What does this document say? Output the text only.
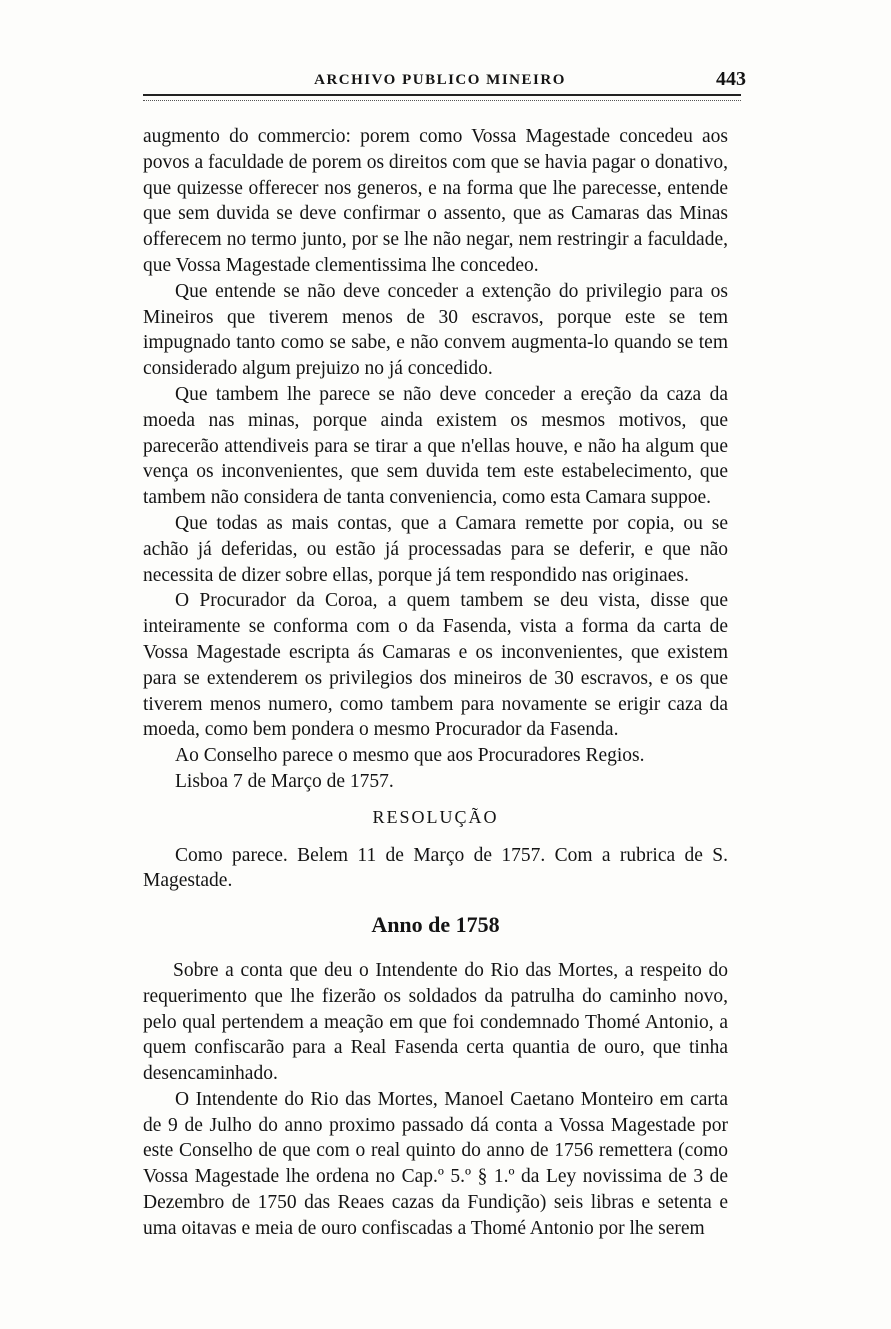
ARCHIVO PUBLICO MINEIRO	443

augmento do commercio: porem como Vossa Magestade concedeu aos povos a faculdade de porem os direitos com que se havia pagar o donativo, que quizesse offerecer nos generos, e na forma que lhe parecesse, entende que sem duvida se deve confirmar o assento, que as Camaras das Minas offerecem no termo junto, por se lhe não negar, nem restringir a faculdade, que Vossa Magestade clementissima lhe concedeo.

Que entende se não deve conceder a extenção do privilegio para os Mineiros que tiverem menos de 30 escravos, porque este se tem impugnado tanto como se sabe, e não convem augmenta-lo quando se tem considerado algum prejuizo no já concedido.

Que tambem lhe parece se não deve conceder a ereção da caza da moeda nas minas, porque ainda existem os mesmos motivos, que parecerão attendiveis para se tirar a que n'ellas houve, e não ha algum que vença os inconvenientes, que sem duvida tem este estabelecimento, que tambem não considera de tanta conveniencia, como esta Camara suppoe.

Que todas as mais contas, que a Camara remette por copia, ou se achão já deferidas, ou estão já processadas para se deferir, e que não necessita de dizer sobre ellas, porque já tem respondido nas originaes.

O Procurador da Coroa, a quem tambem se deu vista, disse que inteiramente se conforma com o da Fasenda, vista a forma da carta de Vossa Magestade escripta ás Camaras e os inconvenientes, que existem para se extenderem os privilegios dos mineiros de 30 escravos, e os que tiverem menos numero, como tambem para novamente se erigir caza da moeda, como bem pondera o mesmo Procurador da Fasenda.

Ao Conselho parece o mesmo que aos Procuradores Regios.

Lisboa 7 de Março de 1757.

RESOLUÇÃO

Como parece. Belem 11 de Março de 1757. Com a rubrica de S. Magestade.

Anno de 1758

Sobre a conta que deu o Intendente do Rio das Mortes, a respeito do requerimento que lhe fizerão os soldados da patrulha do caminho novo, pelo qual pertendem a meação em que foi condemnado Thomé Antonio, a quem confiscarão para a Real Fasenda certa quantia de ouro, que tinha desencaminhado.

O Intendente do Rio das Mortes, Manoel Caetano Monteiro em carta de 9 de Julho do anno proximo passado dá conta a Vossa Magestade por este Conselho de que com o real quinto do anno de 1756 remettera (como Vossa Magestade lhe ordena no Cap.º 5.º § 1.º da Ley novissima de 3 de Dezembro de 1750 das Reaes cazas da Fundição) seis libras e setenta e uma oitavas e meia de ouro confiscadas a Thomé Antonio por lhe serem
